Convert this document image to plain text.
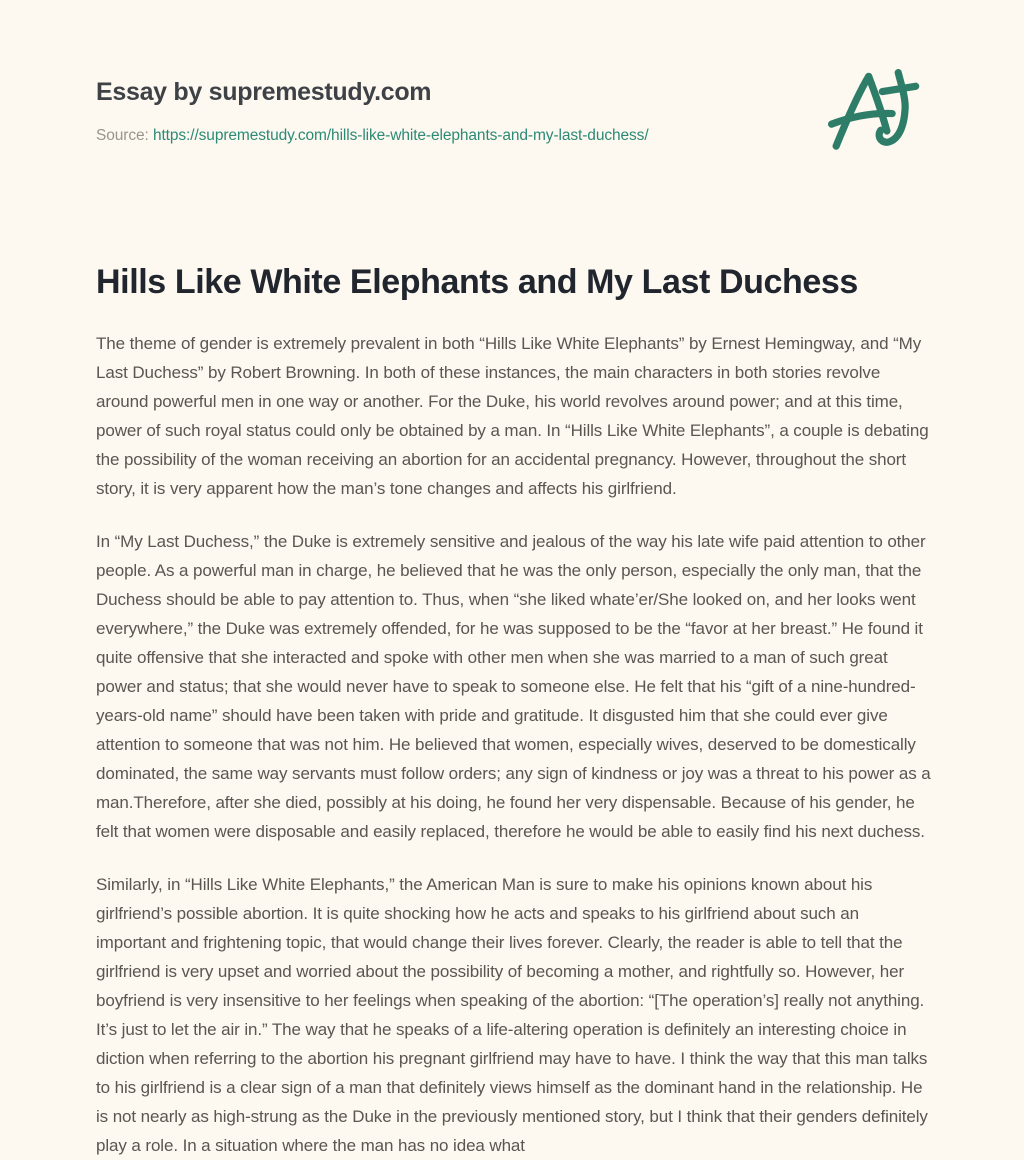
Essay by supremestudy.com
Source: https://supremestudy.com/hills-like-white-elephants-and-my-last-duchess/
Hills Like White Elephants and My Last Duchess

The theme of gender is extremely prevalent in both “Hills Like White Elephants” by Ernest Hemingway, and “My Last Duchess” by Robert Browning. In both of these instances, the main characters in both stories revolve around powerful men in one way or another. For the Duke, his world revolves around power; and at this time, power of such royal status could only be obtained by a man. In “Hills Like White Elephants”, a couple is debating the possibility of the woman receiving an abortion for an accidental pregnancy. However, throughout the short story, it is very apparent how the man’s tone changes and affects his girlfriend.

In “My Last Duchess,” the Duke is extremely sensitive and jealous of the way his late wife paid attention to other people. As a powerful man in charge, he believed that he was the only person, especially the only man, that the Duchess should be able to pay attention to. Thus, when “she liked whate’er/She looked on, and her looks went everywhere,” the Duke was extremely offended, for he was supposed to be the “favor at her breast.” He found it quite offensive that she interacted and spoke with other men when she was married to a man of such great power and status; that she would never have to speak to someone else. He felt that his “gift of a nine-hundred-years-old name” should have been taken with pride and gratitude. It disgusted him that she could ever give attention to someone that was not him. He believed that women, especially wives, deserved to be domestically dominated, the same way servants must follow orders; any sign of kindness or joy was a threat to his power as a man.Therefore, after she died, possibly at his doing, he found her very dispensable. Because of his gender, he felt that women were disposable and easily replaced, therefore he would be able to easily find his next duchess.

Similarly, in “Hills Like White Elephants,” the American Man is sure to make his opinions known about his girlfriend’s possible abortion. It is quite shocking how he acts and speaks to his girlfriend about such an important and frightening topic, that would change their lives forever. Clearly, the reader is able to tell that the girlfriend is very upset and worried about the possibility of becoming a mother, and rightfully so. However, her boyfriend is very insensitive to her feelings when speaking of the abortion: “[The operation’s] really not anything. It’s just to let the air in.” The way that he speaks of a life-altering operation is definitely an interesting choice in diction when referring to the abortion his pregnant girlfriend may have to have. I think the way that this man talks to his girlfriend is a clear sign of a man that definitely views himself as the dominant hand in the relationship. He is not nearly as high-strung as the Duke in the previously mentioned story, but I think that their genders definitely play a role. In a situation where the man has no idea what
